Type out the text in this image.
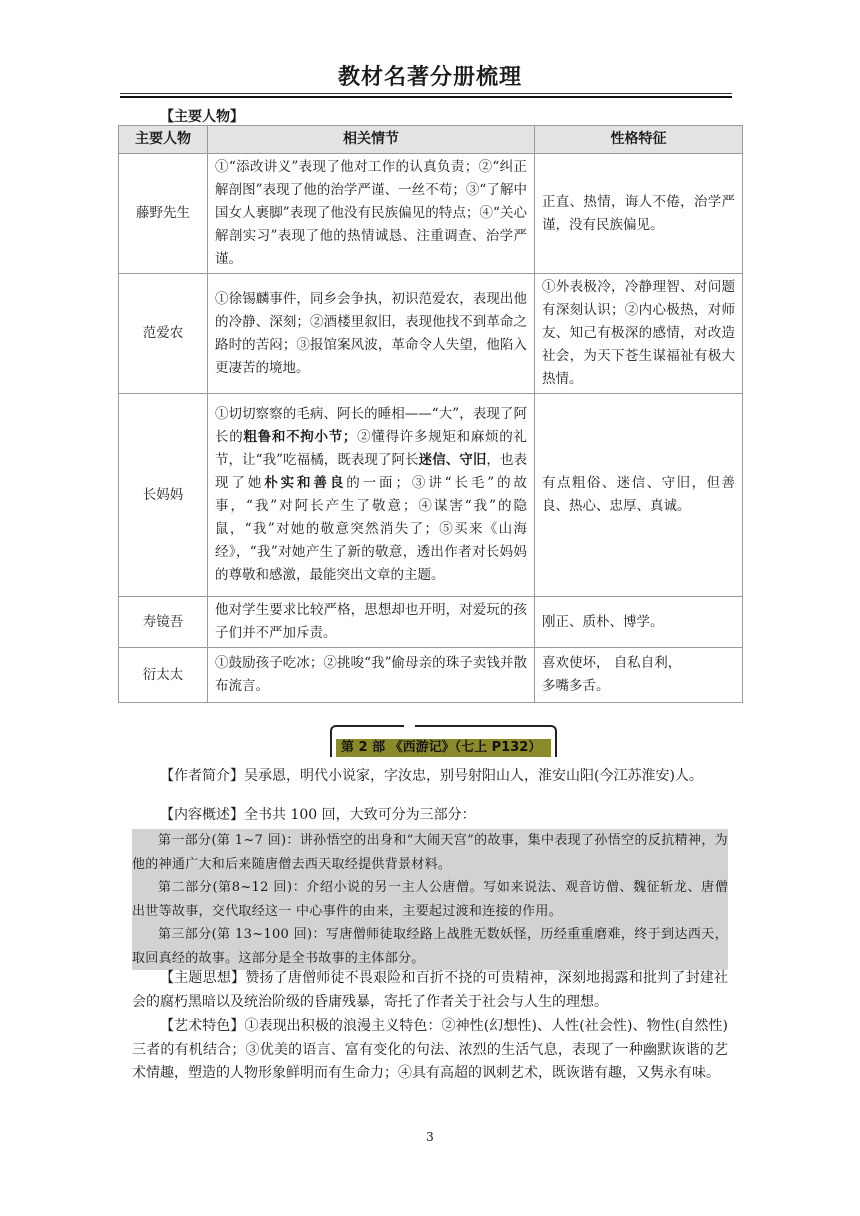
教材名著分册梳理
【主要人物】
主要人物	相关情节	性格特征
藤野先生	①“添改讲义”表现了他对工作的认真负责；②“纠正解剖图”表现了他的治学严谨、一丝不苟；③“了解中国女人裹脚”表现了他没有民族偏见的特点；④“关心解剖实习”表现了他的热情诚恳、注重调查、治学严谨。	正直、热情，诲人不倦，治学严谨，没有民族偏见。
范爱农	①徐锡麟事件，同乡会争执，初识范爱农，表现出他的冷静、深刻；②酒楼里叙旧，表现他找不到革命之路时的苦闷；③报馆案风波，革命令人失望，他陷入更凄苦的境地。	①外表极冷，冷静理智、对问题有深刻认识；②内心极热，对师友、知己有极深的感情，对改造社会，为天下苍生谋福祉有极大热情。
长妈妈	①切切察察的毛病、阿长的睡相——“大”，表现了阿长的粗鲁和不拘小节；②懂得许多规矩和麻烦的礼节，让“我”吃福橘，既表现了阿长迷信、守旧，也表现了她朴实和善良的一面；③讲“长毛”的故事，“我”对阿长产生了敬意；④谋害“我”的隐鼠，“我”对她的敬意突然消失了；⑤买来《山海经》，“我”对她产生了新的敬意，透出作者对长妈妈的尊敬和感激，最能突出文章的主题。	有点粗俗、迷信、守旧，但善良、热心、忠厚、真诚。
寿镜吾	他对学生要求比较严格，思想却也开明，对爱玩的孩子们并不严加斥责。	刚正、质朴、博学。
衍太太	①鼓励孩子吃冰；②挑唆“我”偷母亲的珠子卖钱并散布流言。	喜欢使坏， 自私自利，
多嘴多舌。
第 2 部 《西游记》（七上 P132）

【作者简介】吴承恩，明代小说家，字汝忠，别号射阳山人，淮安山阳(今江苏淮安)人。

【内容概述】全书共 100 回，大致可分为三部分：

第一部分(第 1~7 回)：讲孙悟空的出身和“大闹天宫”的故事，集中表现了孙悟空的反抗精神，为他的神通广大和后来随唐僧去西天取经提供背景材料。

第二部分(第8~12 回)：介绍小说的另一主人公唐僧。写如来说法、观音访僧、魏征斩龙、唐僧出世等故事，交代取经这一 中心事件的由来，主要起过渡和连接的作用。

第三部分(第 13~100 回)：写唐僧师徒取经路上战胜无数妖怪，历经重重磨难，终于到达西天，取回真经的故事。这部分是全书故事的主体部分。

【主题思想】赞扬了唐僧师徒不畏艰险和百折不挠的可贵精神，深刻地揭露和批判了封建社会的腐朽黑暗以及统治阶级的昏庸残暴，寄托了作者关于社会与人生的理想。

【艺术特色】①表现出积极的浪漫主义特色：②神性(幻想性)、人性(社会性)、物性(自然性)三者的有机结合；③优美的语言、富有变化的句法、浓烈的生活气息，表现了一种幽默诙谐的艺术情趣，塑造的人物形象鲜明而有生命力；④具有高超的讽刺艺术，既诙谐有趣，又隽永有味。

3
